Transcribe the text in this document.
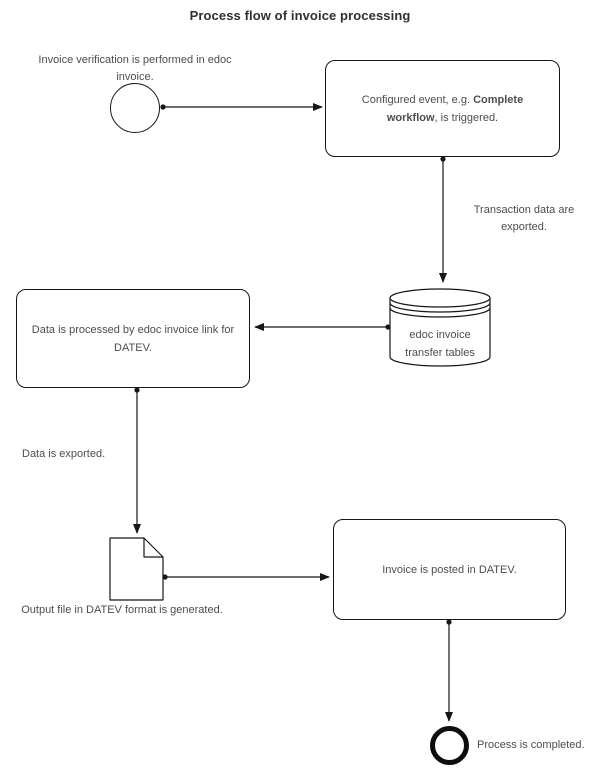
Process flow of invoice processing
Invoice verification is performed in edoc invoice.
Configured event, e.g. Complete workflow, is triggered.
Transaction data are exported.
edoc invoice transfer tables
Data is processed by edoc invoice link for DATEV.
Data is exported.
Output file in DATEV format is generated.
Invoice is posted in DATEV.
Process is completed.
